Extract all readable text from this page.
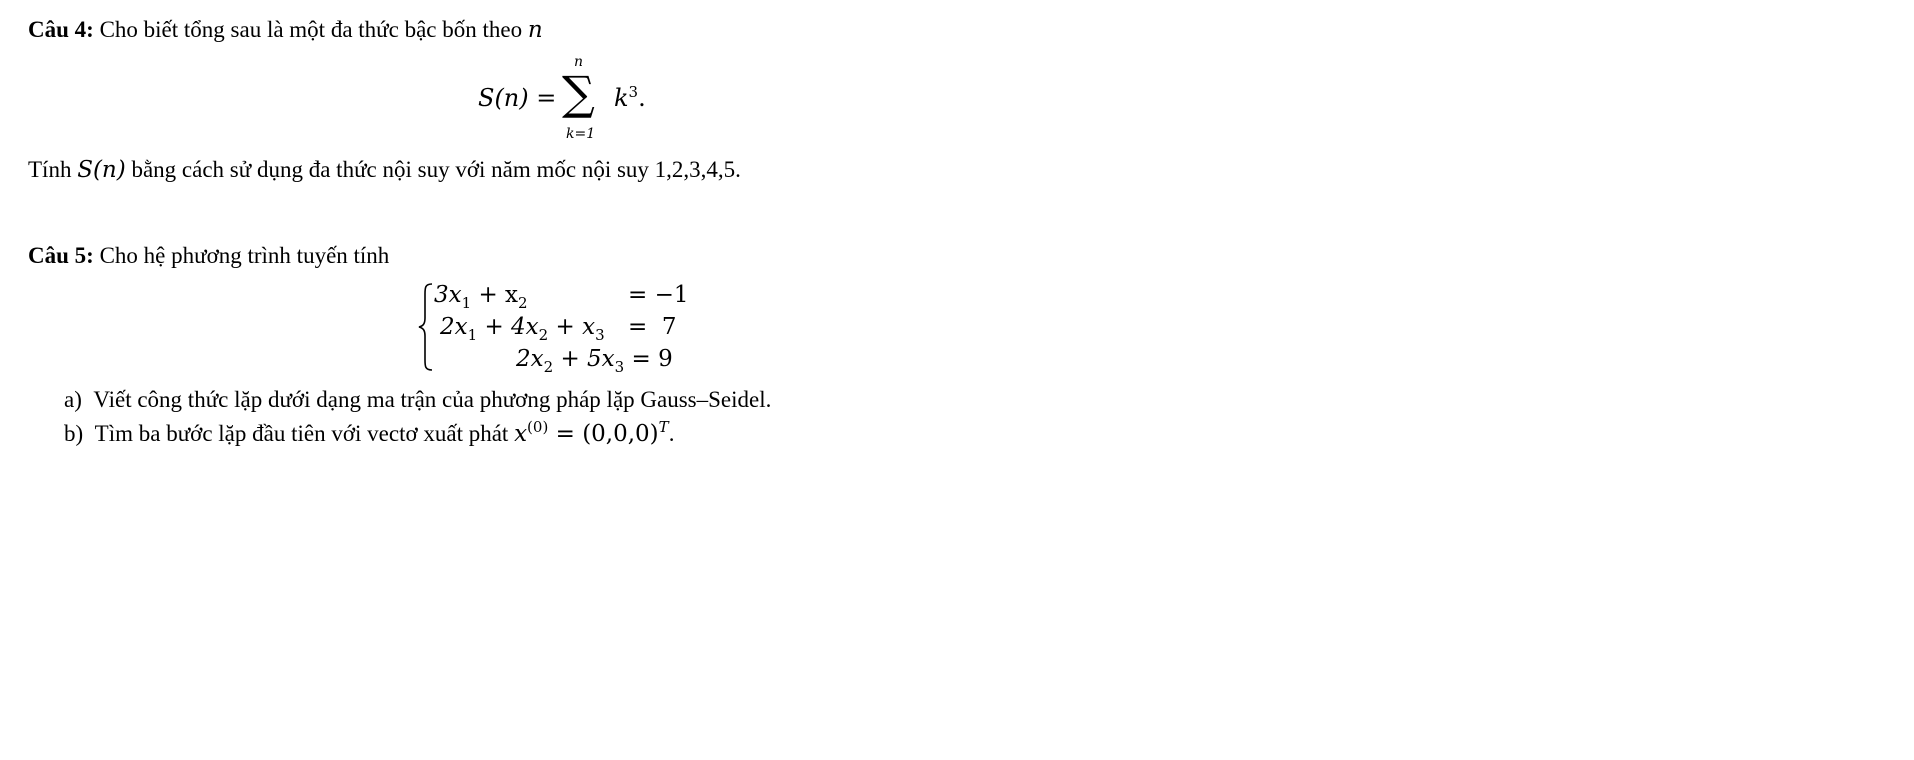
Câu 4: Cho biết tổng sau là một đa thức bậc bốn theo n
S(n) =
n
∑
k=1
$k^3$.
Tính S(n) bằng cách sử dụng đa thức nội suy với năm mốc nội suy 1,2,3,4,5.
Câu 5: Cho hệ phương trình tuyến tính
$3x_1 + x_2$	= −1
$2x_1 + 4x_2 + x_3 = 7$
$2x_2 + 5x_3 = 9$
a) Viết công thức lặp dưới dạng ma trận của phương pháp lặp Gauss–Seidel.
b) Tìm ba bước lặp đầu tiên với vectơ xuất phát $x^{(0)} = (0,0,0)^T$.
